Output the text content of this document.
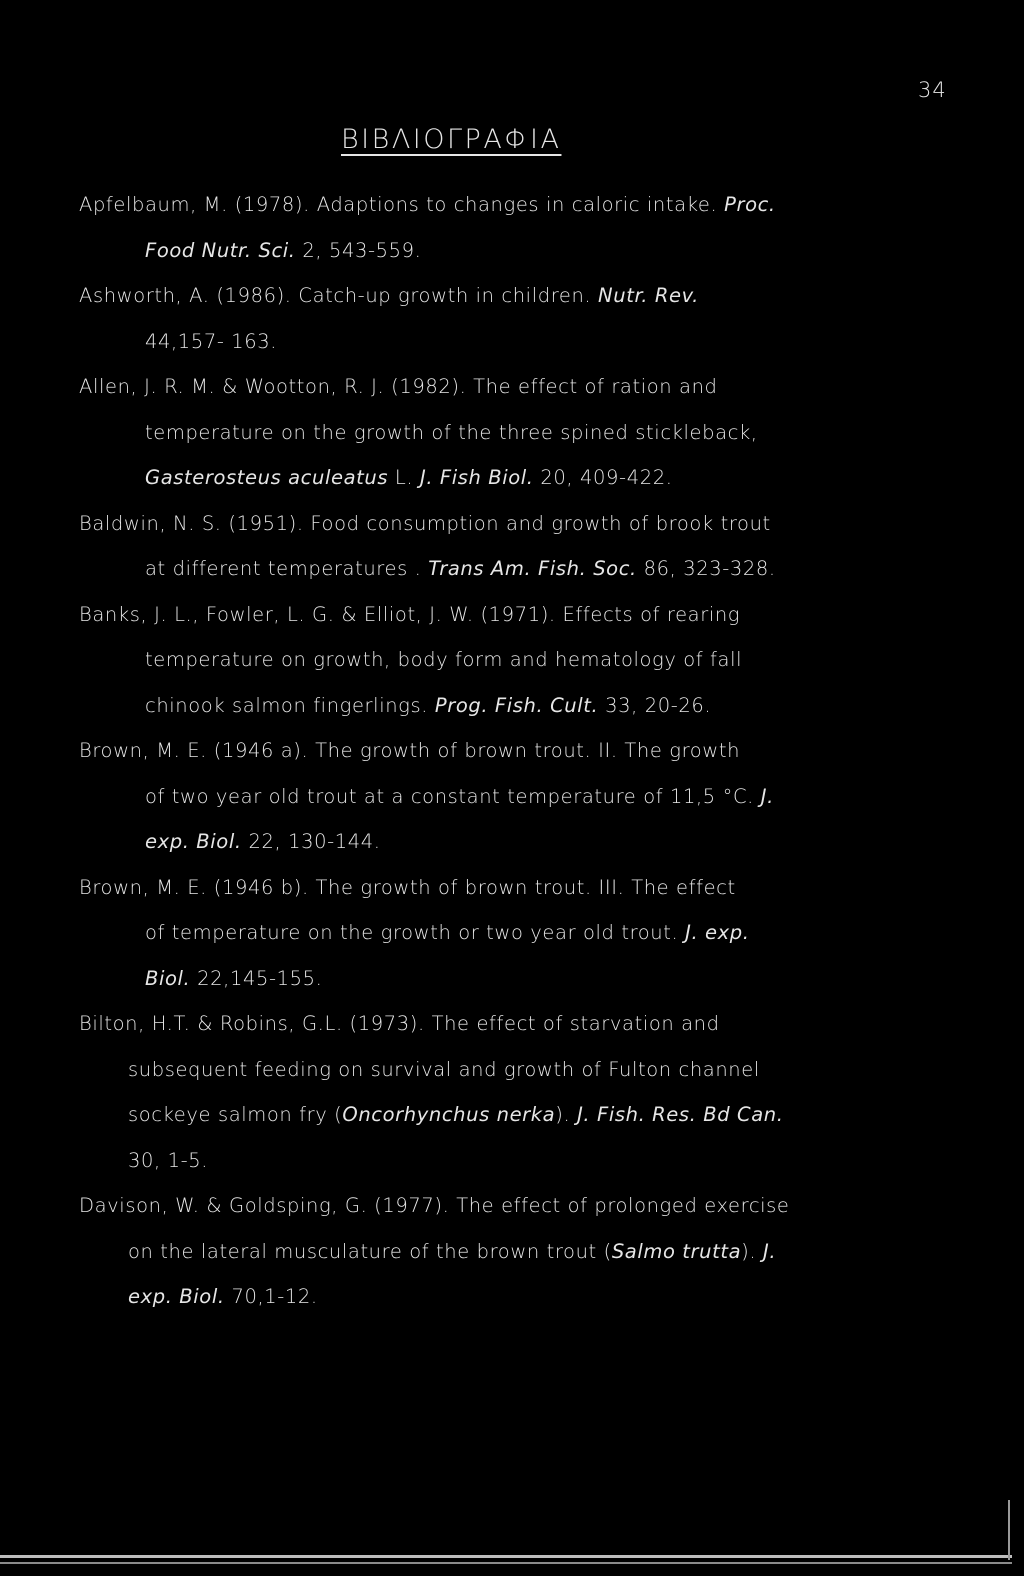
34
ΒΙΒΛΙΟΓΡΑΦΙΑ
Apfelbaum, M. (1978). Adaptions to changes in caloric intake. Proc.
Food Nutr. Sci. 2, 543-559.
Ashworth, A. (1986). Catch-up growth in children. Nutr. Rev.
44,157- 163.
Allen, J. R. M. & Wootton, R. J. (1982). The effect of ration and
temperature on the growth of the three spined stickleback,
Gasterosteus aculeatus L. J. Fish Biol. 20, 409-422.
Baldwin, N. S. (1951). Food consumption and growth of brook trout
at different temperatures . Trans Am. Fish. Soc. 86, 323-328.
Banks, J. L., Fowler, L. G. & Elliot, J. W. (1971). Effects of rearing
temperature on growth, body form and hematology of fall
chinook salmon fingerlings. Prog. Fish. Cult. 33, 20-26.
Brown, M. E. (1946 a). The growth of brown trout. II. The growth
of two year old trout at a constant temperature of 11,5 °C. J.
exp. Biol. 22, 130-144.
Brown, M. E. (1946 b). The growth of brown trout. III. The effect
of temperature on the growth or two year old trout. J. exp.
Biol. 22,145-155.
Bilton, H.T. & Robins, G.L. (1973). The effect of starvation and
subsequent feeding on survival and growth of Fulton channel
sockeye salmon fry (Oncorhynchus nerka). J. Fish. Res. Bd Can.
30, 1-5.
Davison, W. & Goldsping, G. (1977). The effect of prolonged exercise
on the lateral musculature of the brown trout (Salmo trutta). J.
exp. Biol. 70,1-12.
